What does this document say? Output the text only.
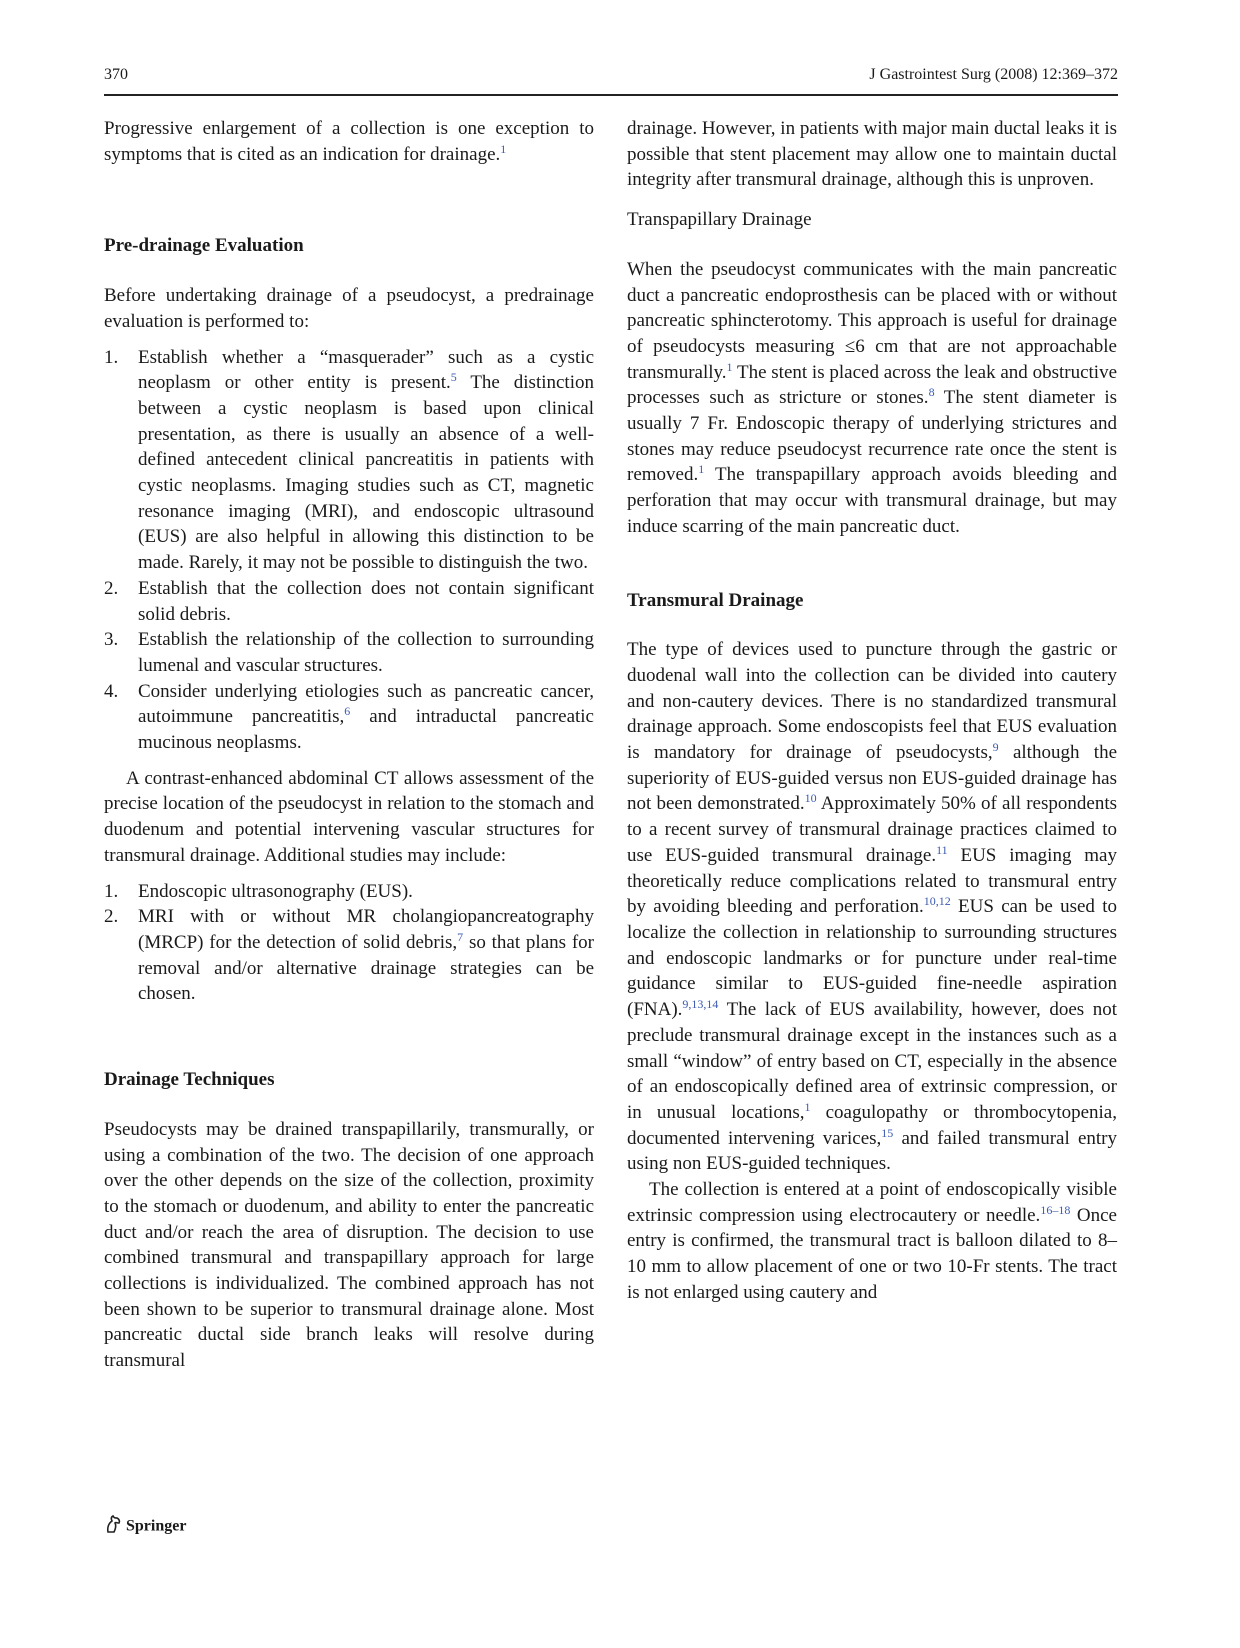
370	J Gastrointest Surg (2008) 12:369–372

Progressive enlargement of a collection is one exception to symptoms that is cited as an indication for drainage.$^1$

Pre-drainage Evaluation

Before undertaking drainage of a pseudocyst, a predrainage evaluation is performed to:

1. Establish whether a “masquerader” such as a cystic neoplasm or other entity is present.$^5$ The distinction between a cystic neoplasm is based upon clinical presentation, as there is usually an absence of a well-defined antecedent clinical pancreatitis in patients with cystic neoplasms. Imaging studies such as CT, magnetic resonance imaging (MRI), and endoscopic ultrasound (EUS) are also helpful in allowing this distinction to be made. Rarely, it may not be possible to distinguish the two.
2. Establish that the collection does not contain significant solid debris.
3. Establish the relationship of the collection to surrounding lumenal and vascular structures.
4. Consider underlying etiologies such as pancreatic cancer, autoimmune pancreatitis,$^6$ and intraductal pancreatic mucinous neoplasms.

A contrast-enhanced abdominal CT allows assessment of the precise location of the pseudocyst in relation to the stomach and duodenum and potential intervening vascular structures for transmural drainage. Additional studies may include:

1. Endoscopic ultrasonography (EUS).
2. MRI with or without MR cholangiopancreatography (MRCP) for the detection of solid debris,$^7$ so that plans for removal and/or alternative drainage strategies can be chosen.
Drainage Techniques

Pseudocysts may be drained transpapillarily, transmurally, or using a combination of the two. The decision of one approach over the other depends on the size of the collection, proximity to the stomach or duodenum, and ability to enter the pancreatic duct and/or reach the area of disruption. The decision to use combined transmural and transpapillary approach for large collections is individualized. The combined approach has not been shown to be superior to transmural drainage alone. Most pancreatic ductal side branch leaks will resolve during transmural

drainage. However, in patients with major main ductal leaks it is possible that stent placement may allow one to maintain ductal integrity after transmural drainage, although this is unproven.

Transpapillary Drainage

When the pseudocyst communicates with the main pancreatic duct a pancreatic endoprosthesis can be placed with or without pancreatic sphincterotomy. This approach is useful for drainage of pseudocysts measuring ≤6 cm that are not approachable transmurally.$^1$ The stent is placed across the leak and obstructive processes such as stricture or stones.$^8$ The stent diameter is usually 7 Fr. Endoscopic therapy of underlying strictures and stones may reduce pseudocyst recurrence rate once the stent is removed.$^1$ The transpapillary approach avoids bleeding and perforation that may occur with transmural drainage, but may induce scarring of the main pancreatic duct.

Transmural Drainage

The type of devices used to puncture through the gastric or duodenal wall into the collection can be divided into cautery and non-cautery devices. There is no standardized transmural drainage approach. Some endoscopists feel that EUS evaluation is mandatory for drainage of pseudocysts,$^9$ although the superiority of EUS-guided versus non EUS-guided drainage has not been demonstrated.$^{10}$ Approximately 50% of all respondents to a recent survey of transmural drainage practices claimed to use EUS-guided transmural drainage.$^{11}$ EUS imaging may theoretically reduce complications related to transmural entry by avoiding bleeding and perforation.$^{10,12}$ EUS can be used to localize the collection in relationship to surrounding structures and endoscopic landmarks or for puncture under real-time guidance similar to EUS-guided fine-needle aspiration (FNA).$^{9,13,14}$ The lack of EUS availability, however, does not preclude transmural drainage except in the instances such as a small “window” of entry based on CT, especially in the absence of an endoscopically defined area of extrinsic compression, or in unusual locations,$^1$ coagulopathy or thrombocytopenia, documented intervening varices,$^{15}$ and failed transmural entry using non EUS-guided techniques.

The collection is entered at a point of endoscopically visible extrinsic compression using electrocautery or needle.$^{16-18}$ Once entry is confirmed, the transmural tract is balloon dilated to 8–10 mm to allow placement of one or two 10-Fr stents. The tract is not enlarged using cautery and

Springer
